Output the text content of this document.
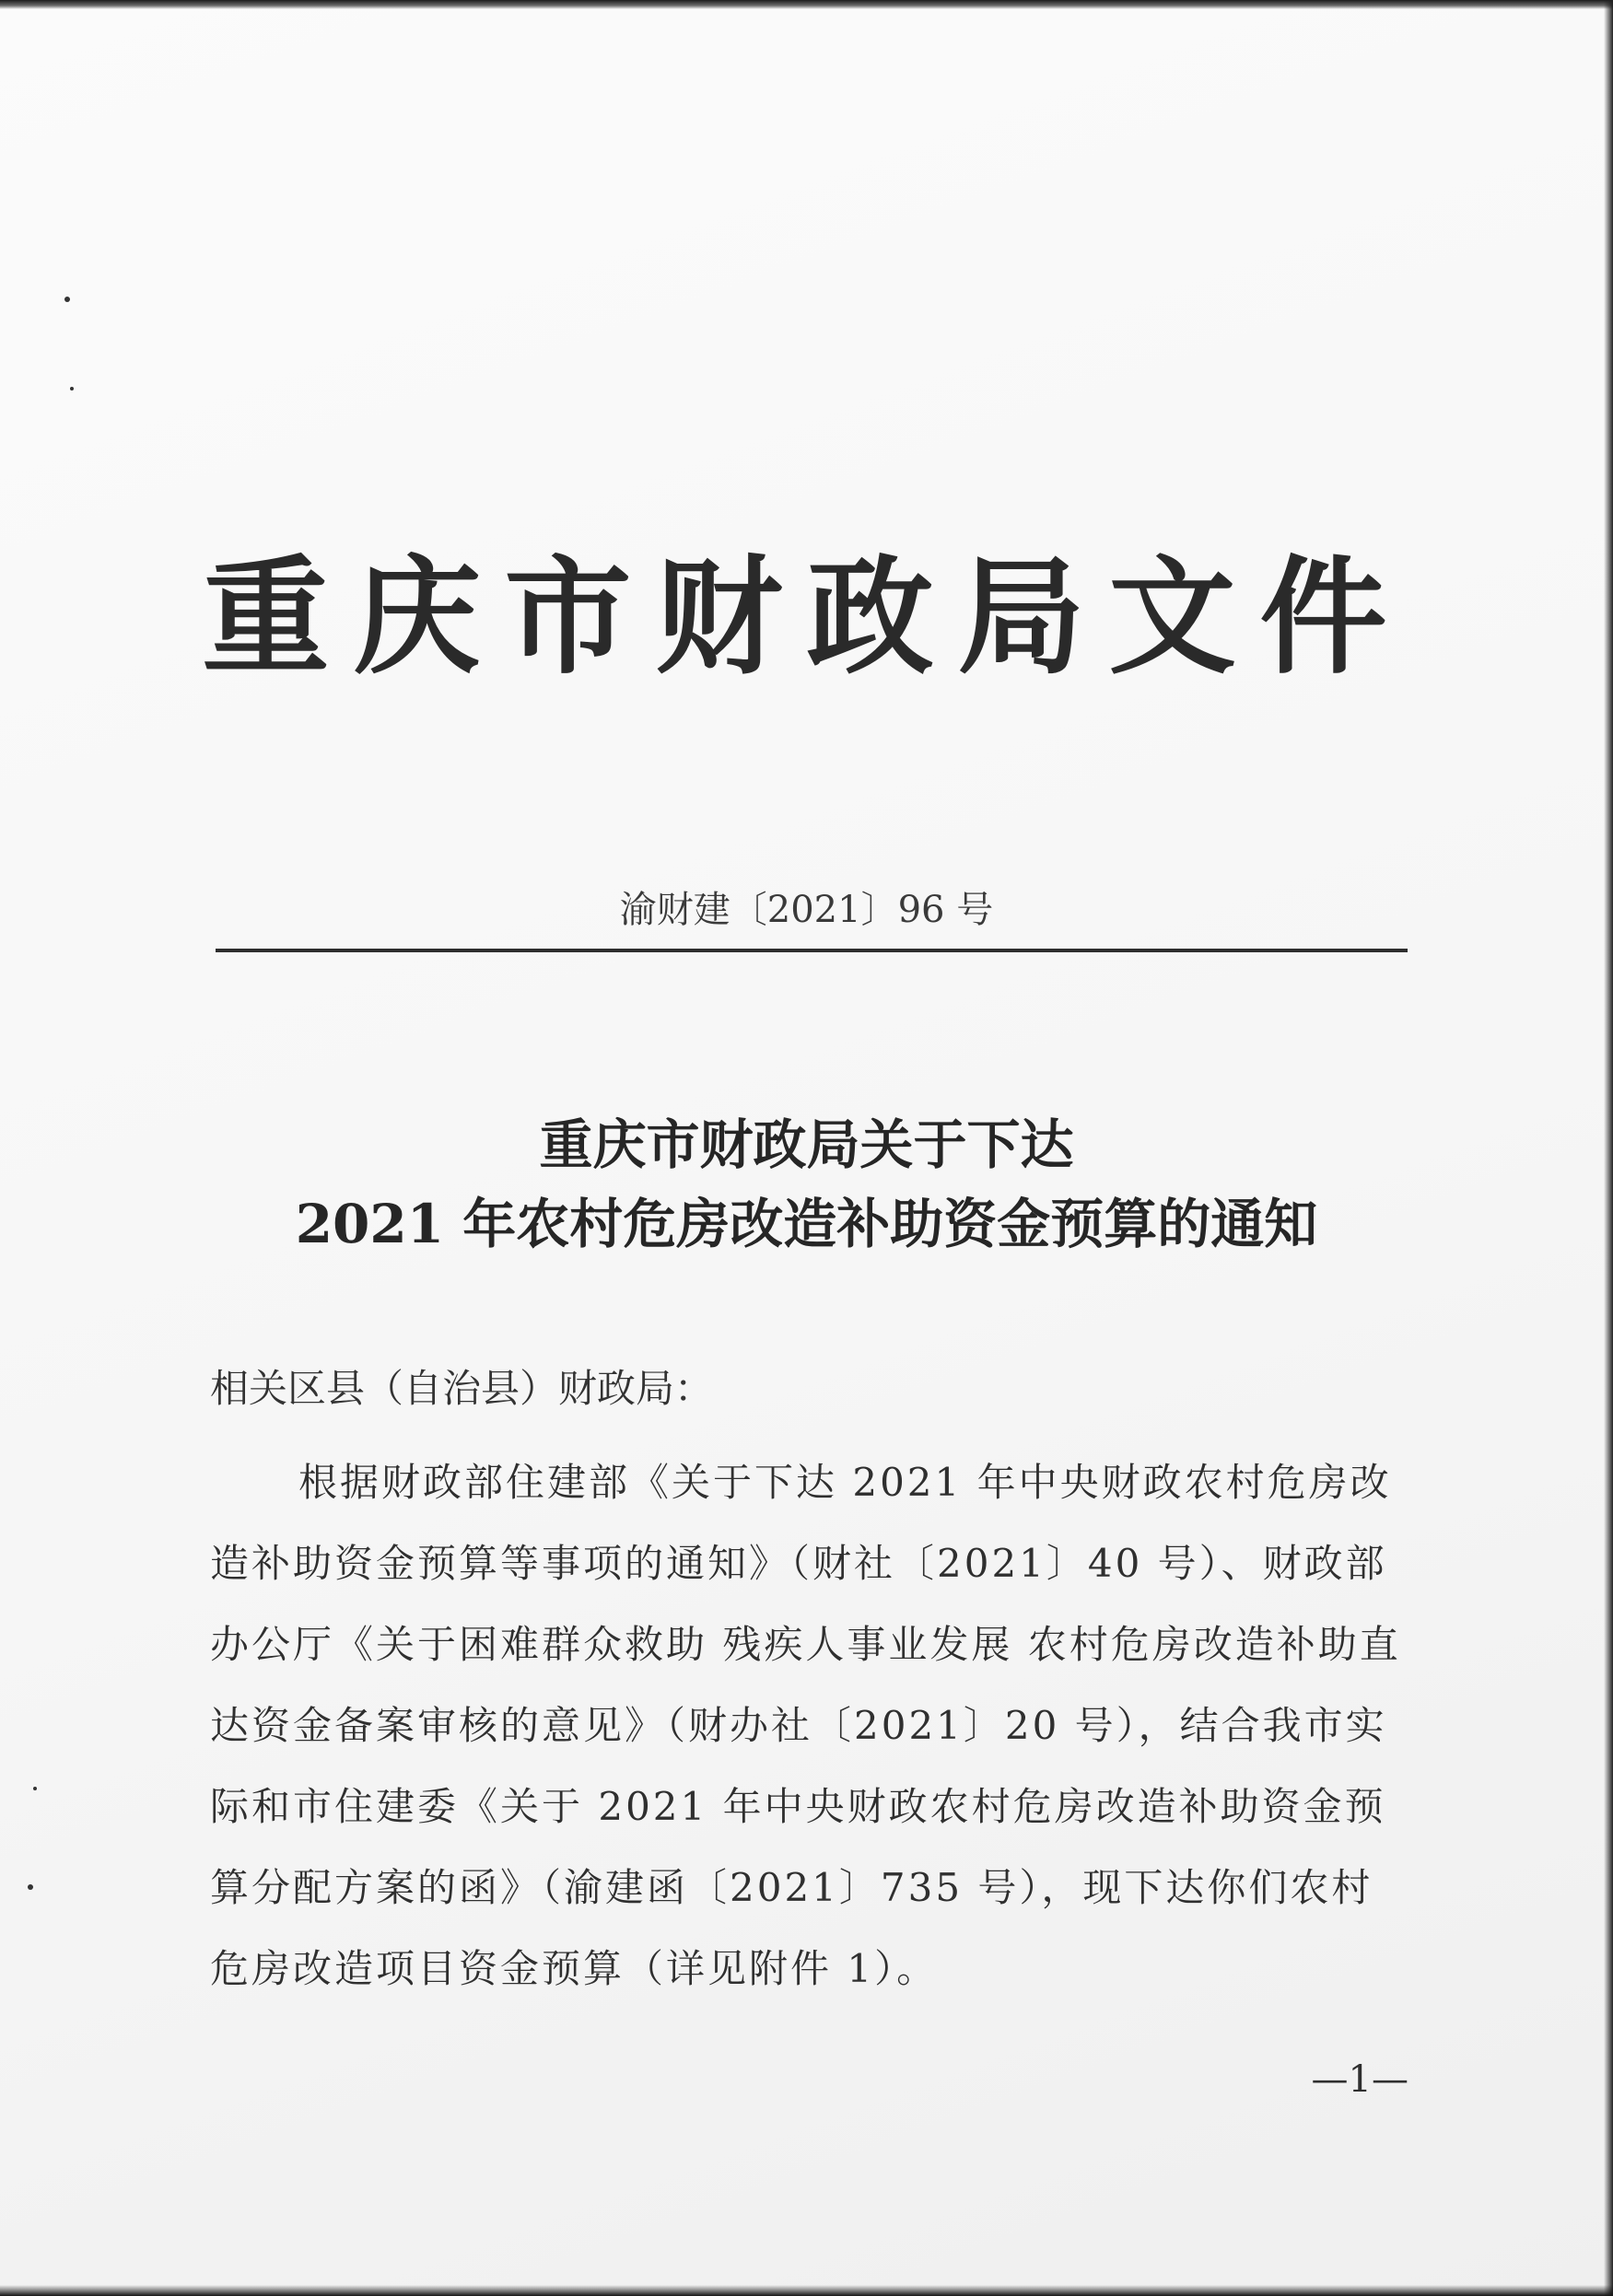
重庆市财政局文件
渝财建〔2021〕96 号
重庆市财政局关于下达
2021 年农村危房改造补助资金预算的通知
相关区县（自治县）财政局：
根据财政部住建部《关于下达 2021 年中央财政农村危房改造补助资金预算等事项的通知》（财社〔2021〕40 号）、财政部办公厅《关于困难群众救助 残疾人事业发展 农村危房改造补助直达资金备案审核的意见》（财办社〔2021〕20 号），结合我市实际和市住建委《关于 2021 年中央财政农村危房改造补助资金预算分配方案的函》（渝建函〔2021〕735 号），现下达你们农村危房改造项目资金预算（详见附件 1）。
—1—
